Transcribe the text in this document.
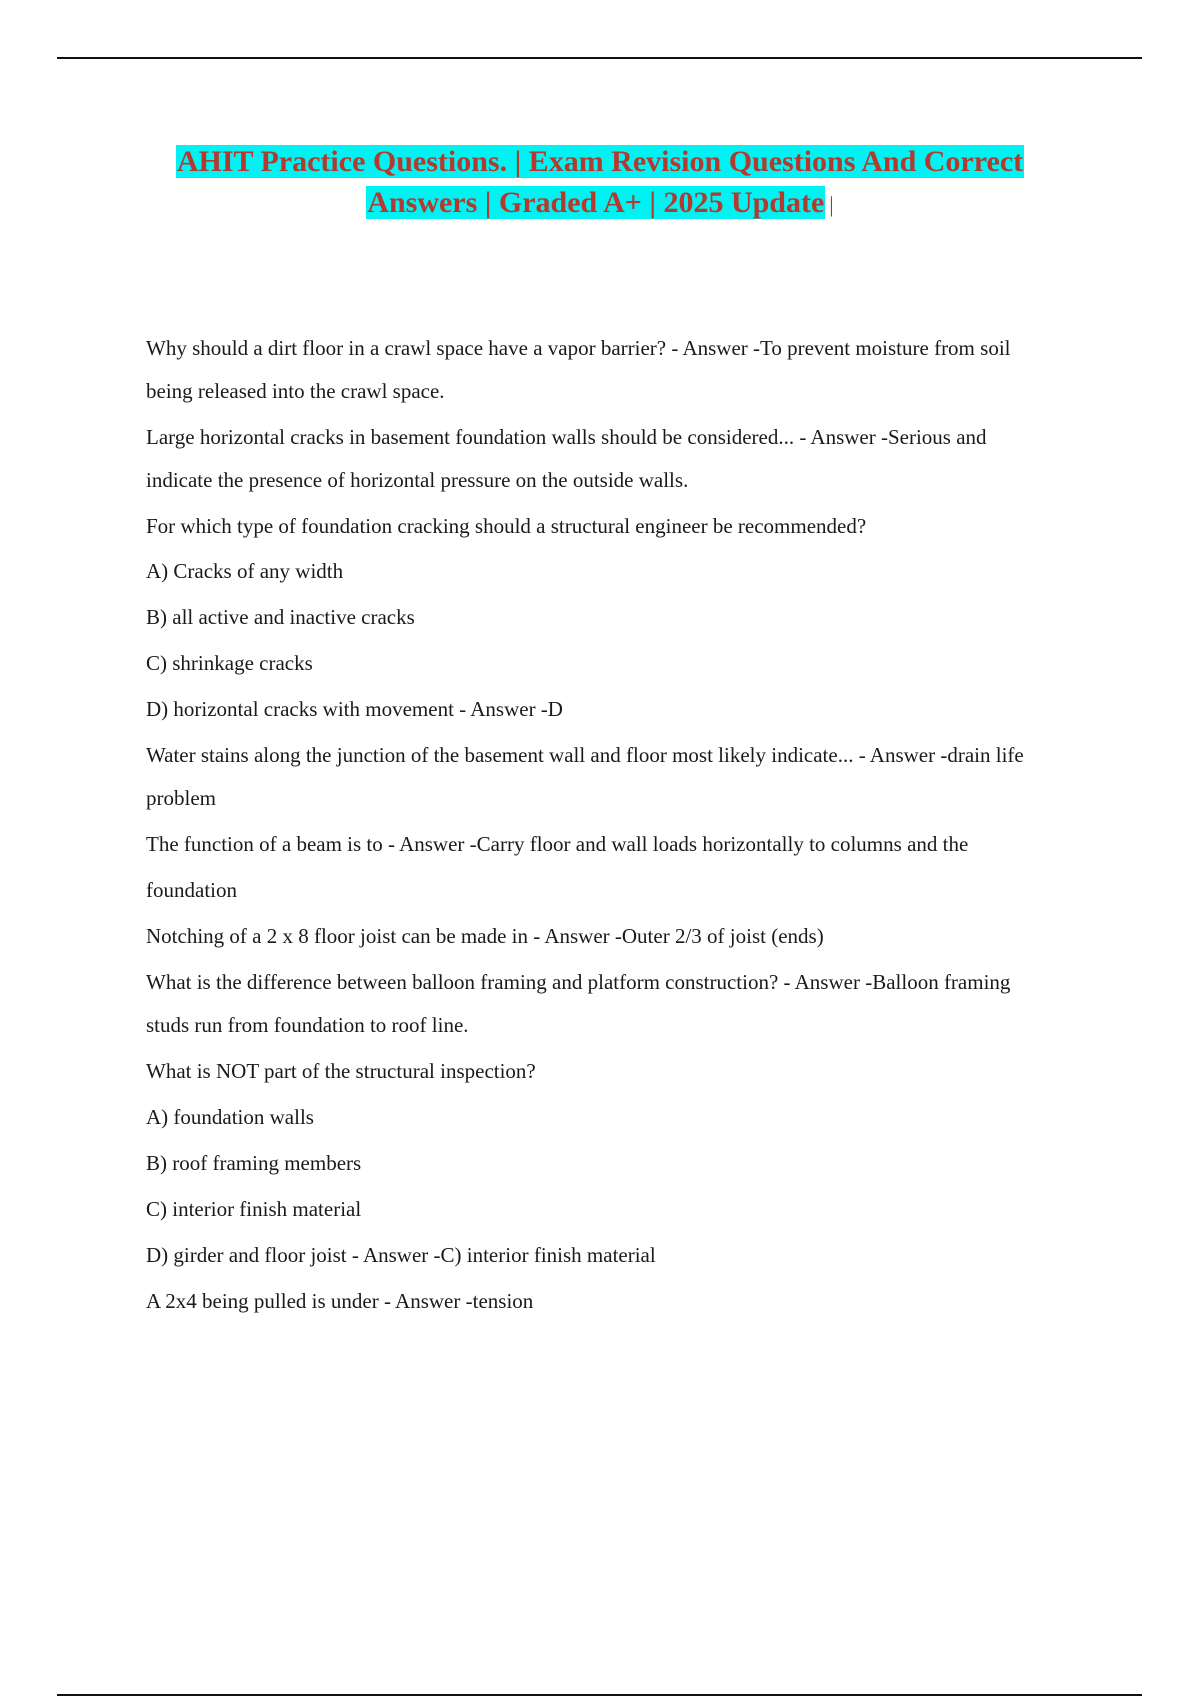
AHIT Practice Questions. | Exam Revision Questions And Correct
Answers | Graded A+ | 2025 Update |

Why should a dirt floor in a crawl space have a vapor barrier? - Answer -To prevent moisture from soil

being released into the crawl space.

Large horizontal cracks in basement foundation walls should be considered... - Answer -Serious and

indicate the presence of horizontal pressure on the outside walls.

For which type of foundation cracking should a structural engineer be recommended?

A) Cracks of any width

B) all active and inactive cracks

C) shrinkage cracks

D) horizontal cracks with movement - Answer -D

Water stains along the junction of the basement wall and floor most likely indicate... - Answer -drain life

problem

The function of a beam is to - Answer -Carry floor and wall loads horizontally to columns and the

foundation

Notching of a 2 x 8 floor joist can be made in - Answer -Outer 2/3 of joist (ends)

What is the difference between balloon framing and platform construction? - Answer -Balloon framing

studs run from foundation to roof line.

What is NOT part of the structural inspection?

A) foundation walls

B) roof framing members

C) interior finish material

D) girder and floor joist - Answer -C) interior finish material

A 2x4 being pulled is under - Answer -tension
